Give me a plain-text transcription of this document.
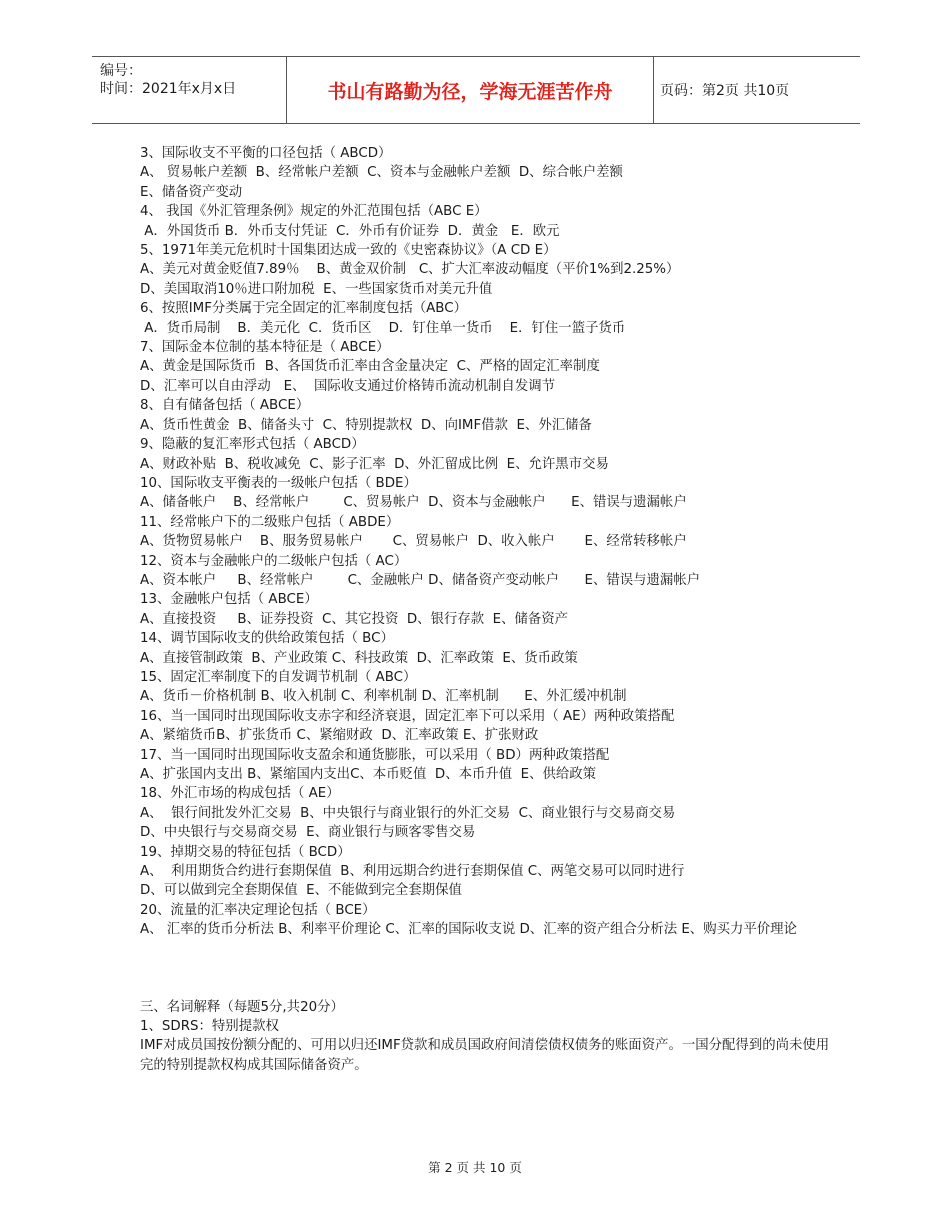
编号：
时间：2021年x月x日	书山有路勤为径，学海无涯苦作舟	页码：第2页 共10页
3、国际收支不平衡的口径包括（ ABCD）
A、 贸易帐户差额  B、经常帐户差额  C、资本与金融帐户差额  D、综合帐户差额
E、储备资产变动
4、 我国《外汇管理条例》规定的外汇范围包括（ABC E）
A．外国货币 B．外币支付凭证  C．外币有价证券  D．黄金   E．欧元
5、1971年美元危机时十国集团达成一致的《史密森协议》（A CD E）
A、美元对黄金贬值7.89％    B、黄金双价制   C、扩大汇率波动幅度（平价1%到2.25%）
D、美国取消10％进口附加税  E、一些国家货币对美元升值
6、按照IMF分类属于完全固定的汇率制度包括（ABC）
A．货币局制    B．美元化  C．货币区    D．钉住单一货币    E．钉住一篮子货币
7、国际金本位制的基本特征是（ ABCE）
A、黄金是国际货币  B、各国货币汇率由含金量决定  C、严格的固定汇率制度
D、汇率可以自由浮动   E、  国际收支通过价格铸币流动机制自发调节
8、自有储备包括（ ABCE）
A、货币性黄金  B、储备头寸  C、特别提款权  D、向IMF借款  E、外汇储备
9、隐蔽的复汇率形式包括（ ABCD）
A、财政补贴  B、税收减免  C、影子汇率  D、外汇留成比例  E、允许黑市交易
10、国际收支平衡表的一级帐户包括（ BDE）
A、储备帐户    B、经常帐户        C、贸易帐户  D、资本与金融帐户      E、错误与遗漏帐户
11、经常帐户下的二级账户包括（ ABDE）
A、货物贸易帐户    B、服务贸易帐户       C、贸易帐户  D、收入帐户       E、经常转移帐户
12、资本与金融帐户的二级帐户包括（ AC）
A、资本帐户     B、经常帐户        C、金融帐户 D、储备资产变动帐户      E、错误与遗漏帐户
13、金融帐户包括（ ABCE）
A、直接投资     B、证券投资  C、其它投资  D、银行存款  E、储备资产
14、调节国际收支的供给政策包括（ BC）
A、直接管制政策  B、产业政策 C、科技政策  D、汇率政策  E、货币政策
15、固定汇率制度下的自发调节机制（ ABC）
A、货币－价格机制 B、收入机制 C、利率机制 D、汇率机制      E、外汇缓冲机制
16、当一国同时出现国际收支赤字和经济衰退，固定汇率下可以采用（ AE）两种政策搭配
A、紧缩货币B、扩张货币 C、紧缩财政  D、汇率政策 E、扩张财政
17、当一国同时出现国际收支盈余和通货膨胀，可以采用（ BD）两种政策搭配
A、扩张国内支出 B、紧缩国内支出C、本币贬值  D、本币升值  E、供给政策
18、外汇市场的构成包括（ AE）
A、  银行间批发外汇交易  B、中央银行与商业银行的外汇交易  C、商业银行与交易商交易
D、中央银行与交易商交易  E、商业银行与顾客零售交易
19、掉期交易的特征包括（ BCD）
A、  利用期货合约进行套期保值  B、利用远期合约进行套期保值 C、两笔交易可以同时进行
D、可以做到完全套期保值  E、不能做到完全套期保值
20、流量的汇率决定理论包括（ BCE）
A、 汇率的货币分析法 B、利率平价理论 C、汇率的国际收支说 D、汇率的资产组合分析法 E、购买力平价理论
三、名词解释（每题5分,共20分）
1、SDRS：特别提款权
IMF对成员国按份额分配的、可用以归还IMF贷款和成员国政府间清偿债权债务的账面资产。一国分配得到的尚未使用完的特别提款权构成其国际储备资产。
第 2 页 共 10 页
